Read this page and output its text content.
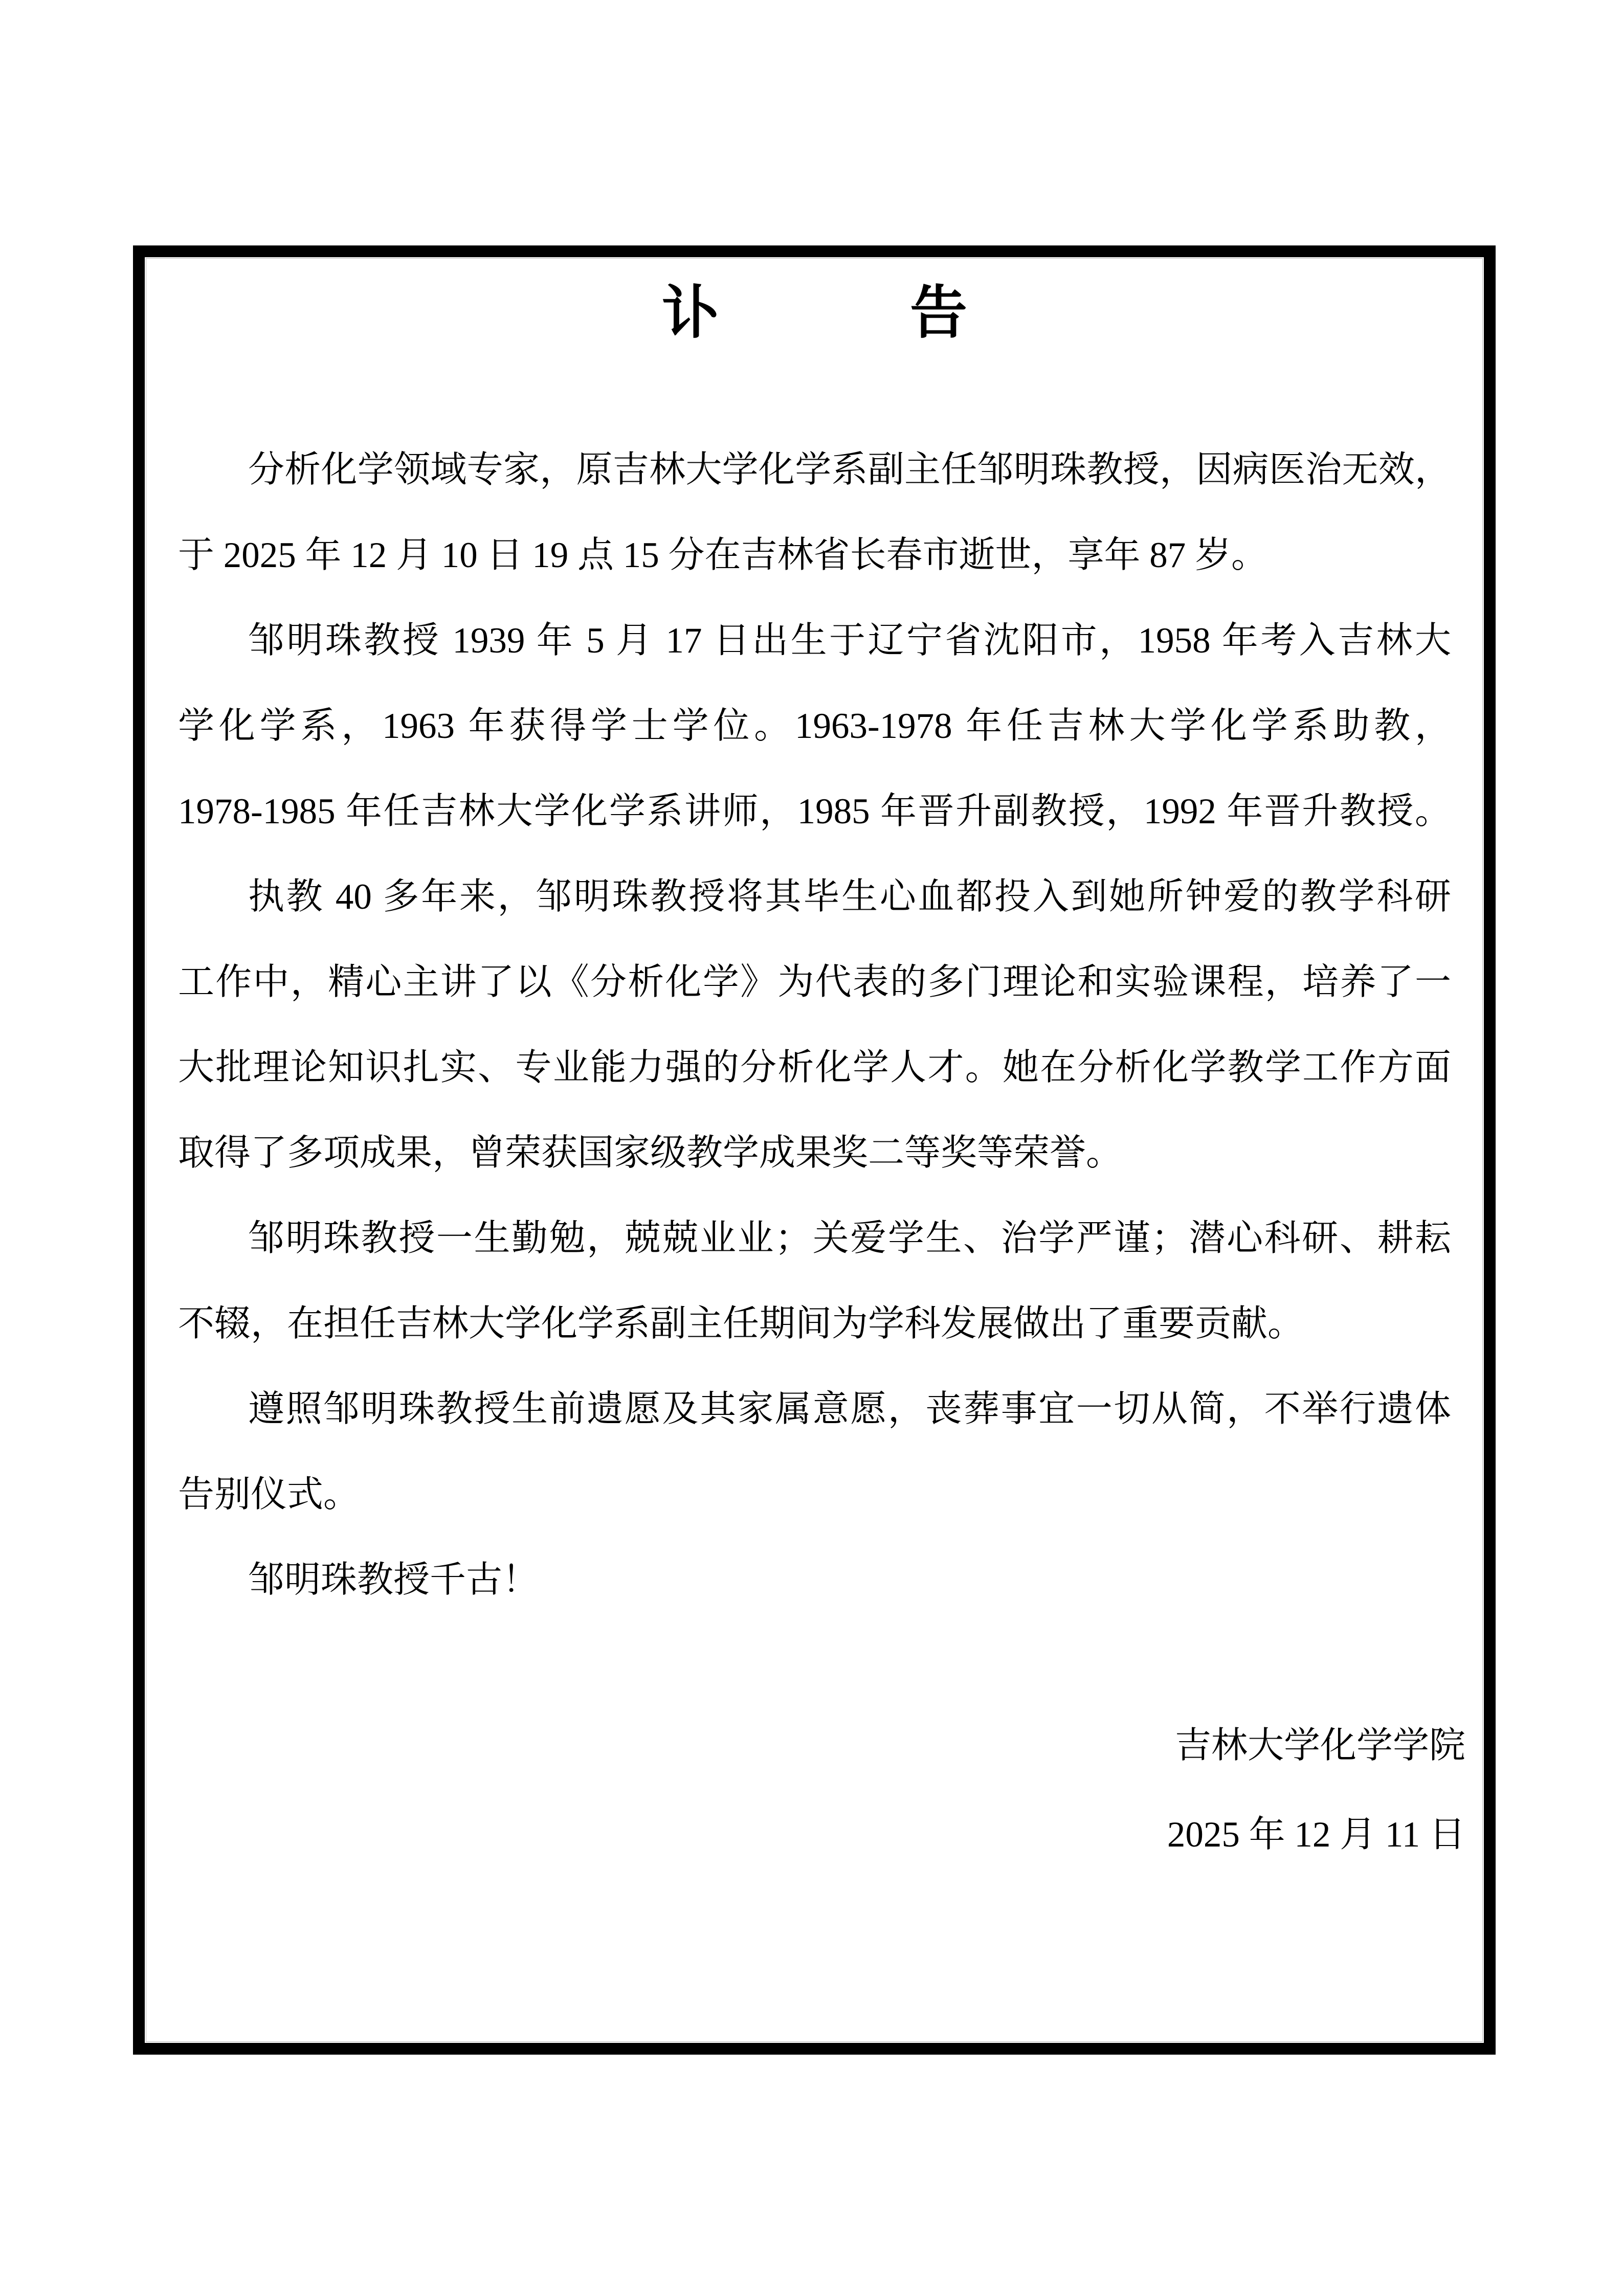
讣	告
分析化学领域专家，原吉林大学化学系副主任邹明珠教授，因病医治无效，
于 2025 年 12 月 10 日 19 点 15 分在吉林省长春市逝世，享年 87 岁。
邹明珠教授 1939 年 5 月 17 日出生于辽宁省沈阳市，1958 年考入吉林大
学化学系，1963 年获得学士学位。1963-1978 年任吉林大学化学系助教，
1978-1985 年任吉林大学化学系讲师，1985 年晋升副教授，1992 年晋升教授。
执教 40 多年来，邹明珠教授将其毕生心血都投入到她所钟爱的教学科研
工作中，精心主讲了以《分析化学》为代表的多门理论和实验课程，培养了一
大批理论知识扎实、专业能力强的分析化学人才。她在分析化学教学工作方面
取得了多项成果，曾荣获国家级教学成果奖二等奖等荣誉。
邹明珠教授一生勤勉，兢兢业业；关爱学生、治学严谨；潜心科研、耕耘
不辍，在担任吉林大学化学系副主任期间为学科发展做出了重要贡献。
遵照邹明珠教授生前遗愿及其家属意愿，丧葬事宜一切从简，不举行遗体
告别仪式。
邹明珠教授千古！
吉林大学化学学院
2025 年 12 月 11 日
